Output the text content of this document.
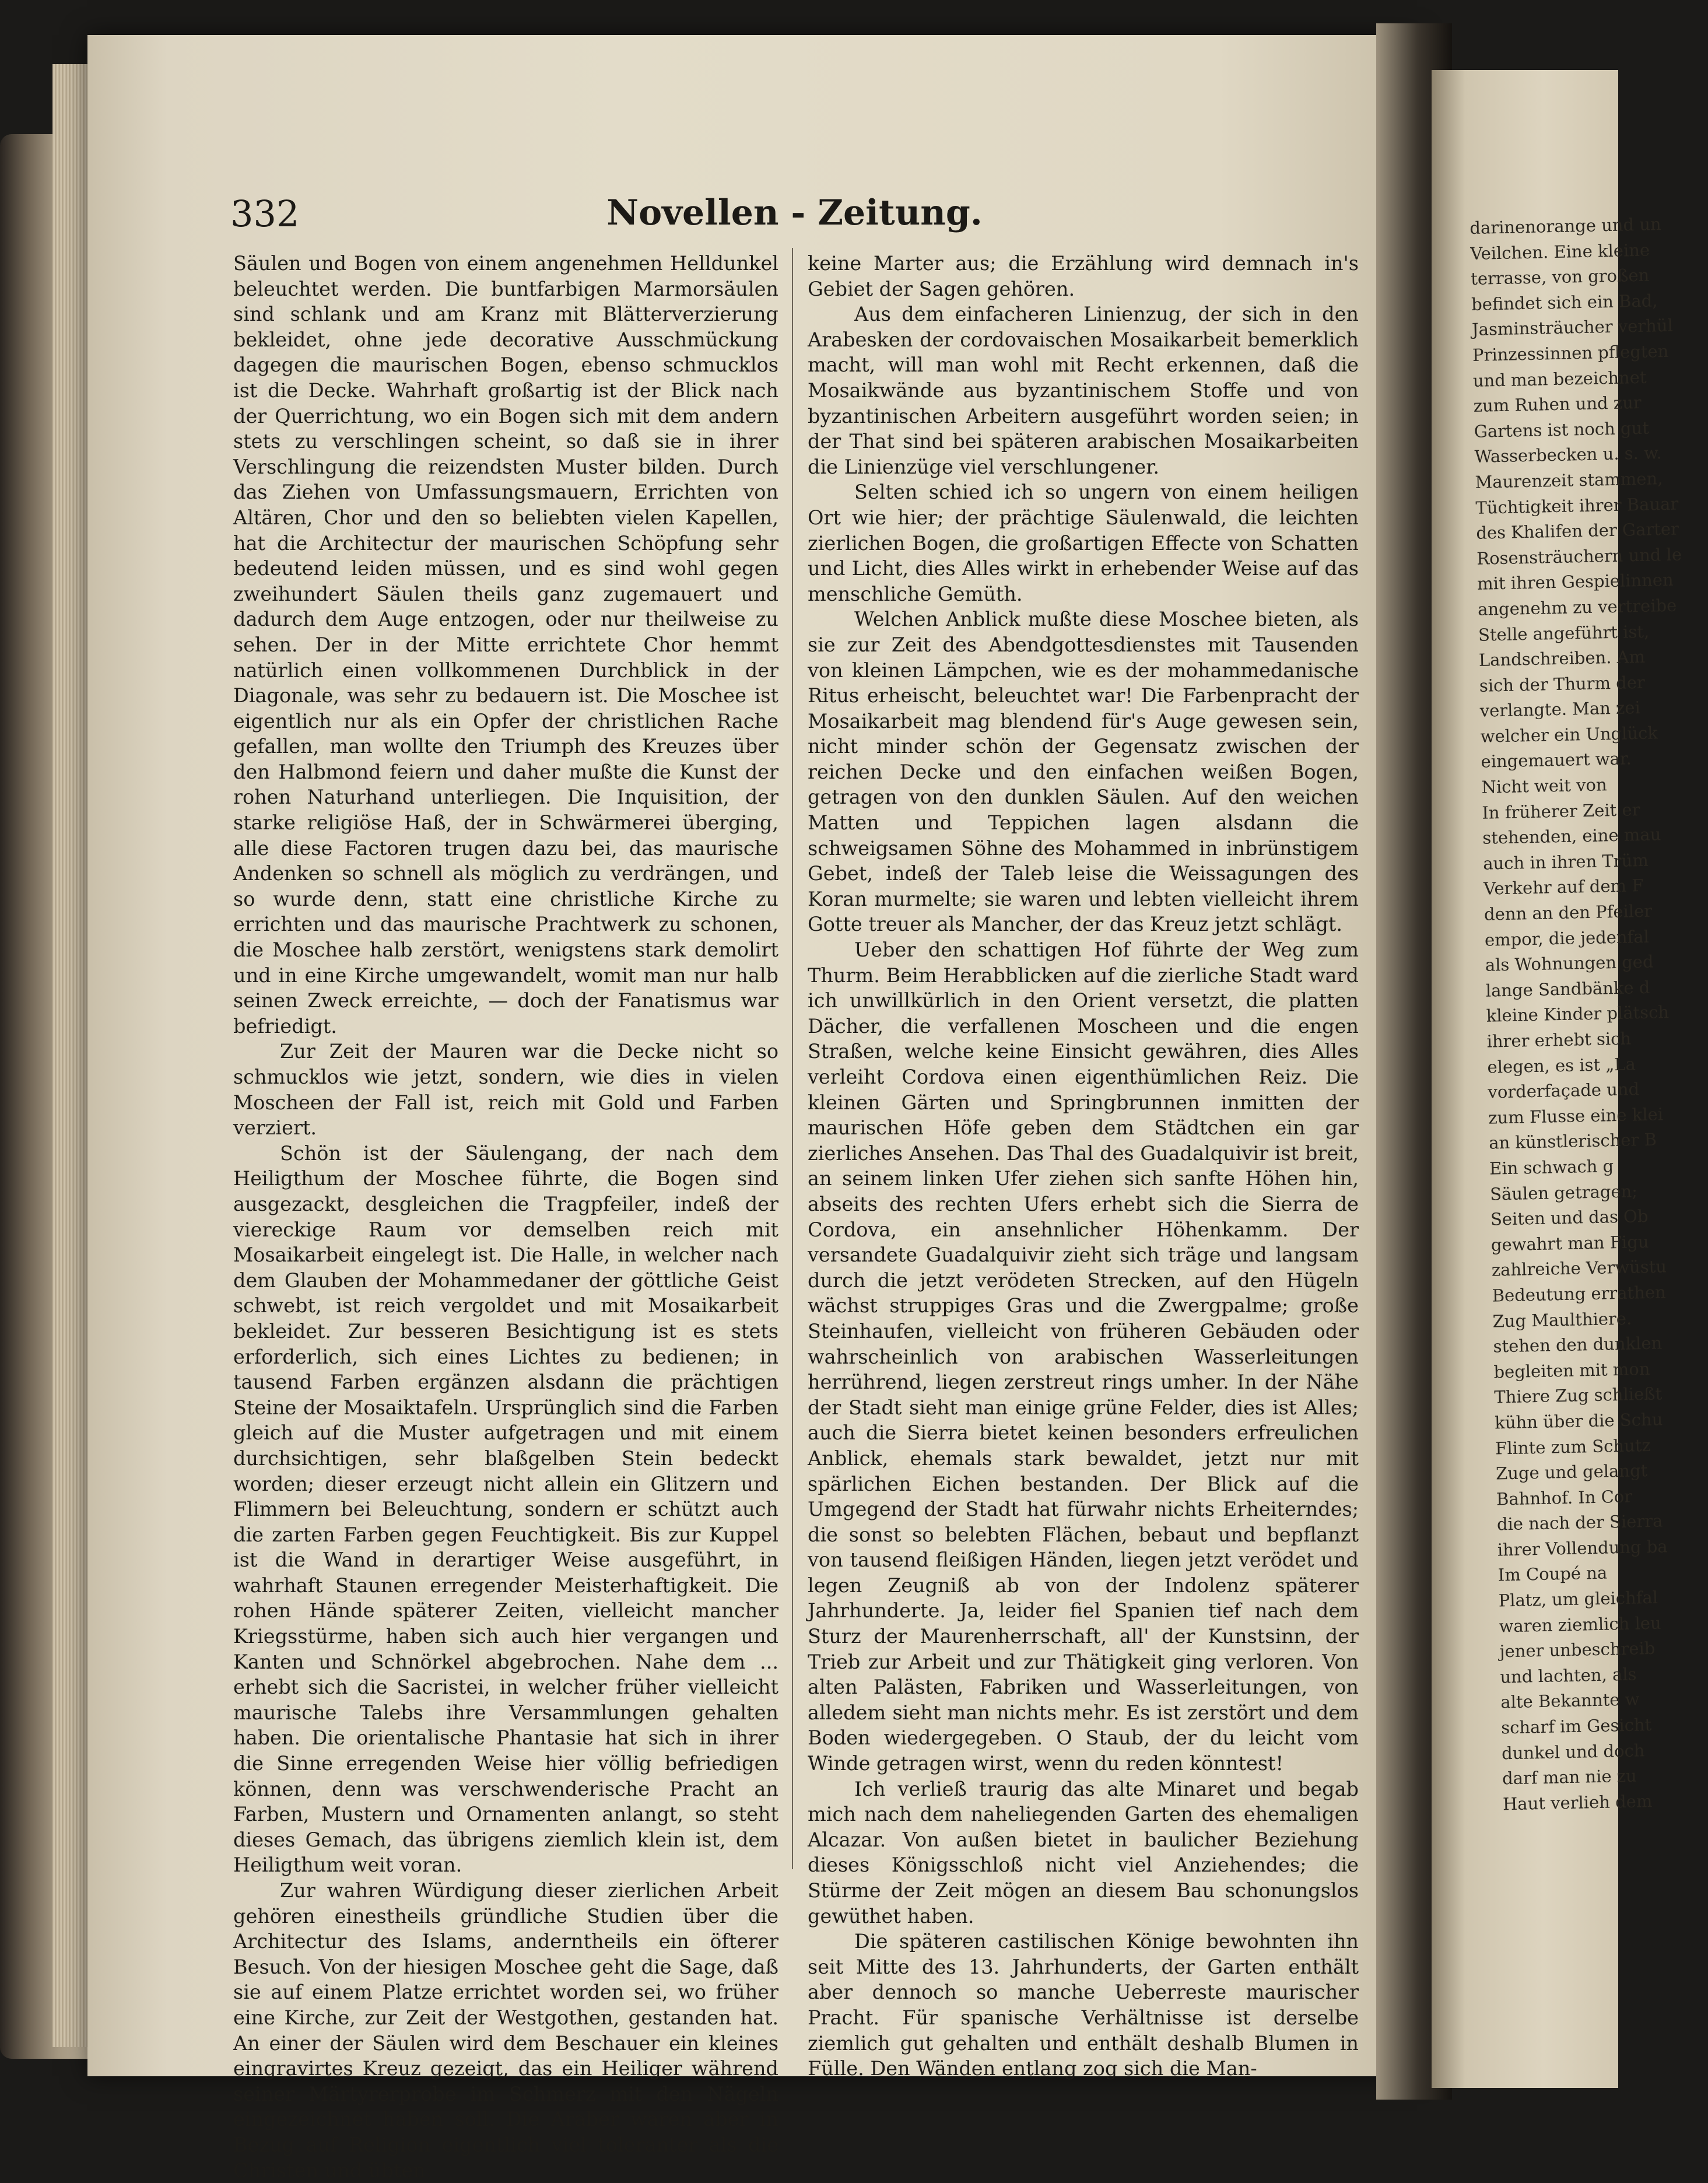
332	Novellen - Zeitung.

Säulen und Bogen von einem angenehmen Helldunkel beleuchtet werden. Die buntfarbigen Marmorsäulen sind schlank und am Kranz mit Blätterverzierung bekleidet, ohne jede decorative Ausschmückung dagegen die maurischen Bogen, ebenso schmucklos ist die Decke. Wahrhaft großartig ist der Blick nach der Querrichtung, wo ein Bogen sich mit dem andern stets zu verschlingen scheint, so daß sie in ihrer Verschlingung die reizendsten Muster bilden. Durch das Ziehen von Umfassungsmauern, Errichten von Altären, Chor und den so beliebten vielen Kapellen, hat die Architectur der maurischen Schöpfung sehr bedeutend leiden müssen, und es sind wohl gegen zweihundert Säulen theils ganz zugemauert und dadurch dem Auge entzogen, oder nur theilweise zu sehen. Der in der Mitte errichtete Chor hemmt natürlich einen vollkommenen Durchblick in der Diagonale, was sehr zu bedauern ist. Die Moschee ist eigentlich nur als ein Opfer der christlichen Rache gefallen, man wollte den Triumph des Kreuzes über den Halbmond feiern und daher mußte die Kunst der rohen Naturhand unterliegen. Die Inquisition, der starke religiöse Haß, der in Schwärmerei überging, alle diese Factoren trugen dazu bei, das maurische Andenken so schnell als möglich zu verdrängen, und so wurde denn, statt eine christliche Kirche zu errichten und das maurische Prachtwerk zu schonen, die Moschee halb zerstört, wenigstens stark demolirt und in eine Kirche umgewandelt, womit man nur halb seinen Zweck erreichte, — doch der Fanatismus war befriedigt.

Zur Zeit der Mauren war die Decke nicht so schmucklos wie jetzt, sondern, wie dies in vielen Moscheen der Fall ist, reich mit Gold und Farben verziert.

Schön ist der Säulengang, der nach dem Heiligthum der Moschee führte, die Bogen sind ausgezackt, desgleichen die Tragpfeiler, indeß der viereckige Raum vor demselben reich mit Mosaikarbeit eingelegt ist. Die Halle, in welcher nach dem Glauben der Mohammedaner der göttliche Geist schwebt, ist reich vergoldet und mit Mosaikarbeit bekleidet. Zur besseren Besichtigung ist es stets erforderlich, sich eines Lichtes zu bedienen; in tausend Farben ergänzen alsdann die prächtigen Steine der Mosaiktafeln. Ursprünglich sind die Farben gleich auf die Muster aufgetragen und mit einem durchsichtigen, sehr blaßgelben Stein bedeckt worden; dieser erzeugt nicht allein ein Glitzern und Flimmern bei Beleuchtung, sondern er schützt auch die zarten Farben gegen Feuchtigkeit. Bis zur Kuppel ist die Wand in derartiger Weise ausgeführt, in wahrhaft Staunen erregender Meisterhaftigkeit. Die rohen Hände späterer Zeiten, vielleicht mancher Kriegsstürme, haben sich auch hier vergangen und Kanten und Schnörkel abgebrochen. Nahe dem ... erhebt sich die Sacristei, in welcher früher vielleicht maurische Talebs ihre Versammlungen gehalten haben. Die orientalische Phantasie hat sich in ihrer die Sinne erregenden Weise hier völlig befriedigen können, denn was verschwenderische Pracht an Farben, Mustern und Ornamenten anlangt, so steht dieses Gemach, das übrigens ziemlich klein ist, dem Heiligthum weit voran.

Zur wahren Würdigung dieser zierlichen Arbeit gehören einestheils gründliche Studien über die Architectur des Islams, anderntheils ein öfterer Besuch. Von der hiesigen Moschee geht die Sage, daß sie auf einem Platze errichtet worden sei, wo früher eine Kirche, zur Zeit der Westgothen, gestanden hat. An einer der Säulen wird dem Beschauer ein kleines eingravirtes Kreuz gezeigt, das ein Heiliger während seiner Märtyrerprobe im Schmerz mit den Nägeln eingezeichnet haben soll. Die Araber waren aber in Bezug auf Religion eigentlich viel toleranter als die Christen und übten

keine Marter aus; die Erzählung wird demnach in's Gebiet der Sagen gehören.

Aus dem einfacheren Linienzug, der sich in den Arabesken der cordovaischen Mosaikarbeit bemerklich macht, will man wohl mit Recht erkennen, daß die Mosaikwände aus byzantinischem Stoffe und von byzantinischen Arbeitern ausgeführt worden seien; in der That sind bei späteren arabischen Mosaikarbeiten die Linienzüge viel verschlungener.

Selten schied ich so ungern von einem heiligen Ort wie hier; der prächtige Säulenwald, die leichten zierlichen Bogen, die großartigen Effecte von Schatten und Licht, dies Alles wirkt in erhebender Weise auf das menschliche Gemüth.

Welchen Anblick mußte diese Moschee bieten, als sie zur Zeit des Abendgottesdienstes mit Tausenden von kleinen Lämpchen, wie es der mohammedanische Ritus erheischt, beleuchtet war! Die Farbenpracht der Mosaikarbeit mag blendend für's Auge gewesen sein, nicht minder schön der Gegensatz zwischen der reichen Decke und den einfachen weißen Bogen, getragen von den dunklen Säulen. Auf den weichen Matten und Teppichen lagen alsdann die schweigsamen Söhne des Mohammed in inbrünstigem Gebet, indeß der Taleb leise die Weissagungen des Koran murmelte; sie waren und lebten vielleicht ihrem Gotte treuer als Mancher, der das Kreuz jetzt schlägt.

Ueber den schattigen Hof führte der Weg zum Thurm. Beim Herabblicken auf die zierliche Stadt ward ich unwillkürlich in den Orient versetzt, die platten Dächer, die verfallenen Moscheen und die engen Straßen, welche keine Einsicht gewähren, dies Alles verleiht Cordova einen eigenthümlichen Reiz. Die kleinen Gärten und Springbrunnen inmitten der maurischen Höfe geben dem Städtchen ein gar zierliches Ansehen. Das Thal des Guadalquivir ist breit, an seinem linken Ufer ziehen sich sanfte Höhen hin, abseits des rechten Ufers erhebt sich die Sierra de Cordova, ein ansehnlicher Höhenkamm. Der versandete Guadalquivir zieht sich träge und langsam durch die jetzt verödeten Strecken, auf den Hügeln wächst struppiges Gras und die Zwergpalme; große Steinhaufen, vielleicht von früheren Gebäuden oder wahrscheinlich von arabischen Wasserleitungen herrührend, liegen zerstreut rings umher. In der Nähe der Stadt sieht man einige grüne Felder, dies ist Alles; auch die Sierra bietet keinen besonders erfreulichen Anblick, ehemals stark bewaldet, jetzt nur mit spärlichen Eichen bestanden. Der Blick auf die Umgegend der Stadt hat fürwahr nichts Erheiterndes; die sonst so belebten Flächen, bebaut und bepflanzt von tausend fleißigen Händen, liegen jetzt verödet und legen Zeugniß ab von der Indolenz späterer Jahrhunderte. Ja, leider fiel Spanien tief nach dem Sturz der Maurenherrschaft, all' der Kunstsinn, der Trieb zur Arbeit und zur Thätigkeit ging verloren. Von alten Palästen, Fabriken und Wasserleitungen, von alledem sieht man nichts mehr. Es ist zerstört und dem Boden wiedergegeben. O Staub, der du leicht vom Winde getragen wirst, wenn du reden könntest!

Ich verließ traurig das alte Minaret und begab mich nach dem naheliegenden Garten des ehemaligen Alcazar. Von außen bietet in baulicher Beziehung dieses Königsschloß nicht viel Anziehendes; die Stürme der Zeit mögen an diesem Bau schonungslos gewüthet haben.

Die späteren castilischen Könige bewohnten ihn seit Mitte des 13. Jahrhunderts, der Garten enthält aber dennoch so manche Ueberreste maurischer Pracht. Für spanische Verhältnisse ist derselbe ziemlich gut gehalten und enthält deshalb Blumen in Fülle. Den Wänden entlang zog sich die Man-

darinenorange und un
Veilchen. Eine kleine
terrasse, von großen
befindet sich ein Bad,
Jasminsträucher verhül
Prinzessinnen pflegten
und man bezeichnet
zum Ruhen und zur
Gartens ist noch gut
Wasserbecken u. s. w.
Maurenzeit stammen,
Tüchtigkeit ihrer Bauar
des Khalifen der Garter
Rosensträuchern und le
mit ihren Gespielinnen
angenehm zu vertreibe
Stelle angeführt ist,
Landschreiben. Am
sich der Thurm der
verlangte. Man zei
welcher ein Unglück
eingemauert war.
Nicht weit von
In früherer Zeit er
stehenden, eine mau
auch in ihren Trüm
Verkehr auf dem F
denn an den Pfeiler
empor, die jedenfal
als Wohnungen ged
lange Sandbänke d
kleine Kinder plätsch
ihrer erhebt sich
elegen, es ist „La
vorderfaçade und
zum Flusse eine klei
an künstlerischer B
Ein schwach g
Säulen getragen;
Seiten und das Ob
gewahrt man Figu
zahlreiche Verwüstu
Bedeutung errathen
Zug Maulthiere.
stehen den dunklen
begleiten mit mon
Thiere Zug schließt
kühn über die Schu
Flinte zum Schutz
Zuge und gelangt
Bahnhof. In Cor
die nach der Sierra
ihrer Vollendung ba
Im Coupé na
Platz, um gleichfal
waren ziemlich leu
jener unbeschreib
und lachten, als
alte Bekannte w
scharf im Gesicht
dunkel und doch
darf man nie zu
Haut verlieh dem
